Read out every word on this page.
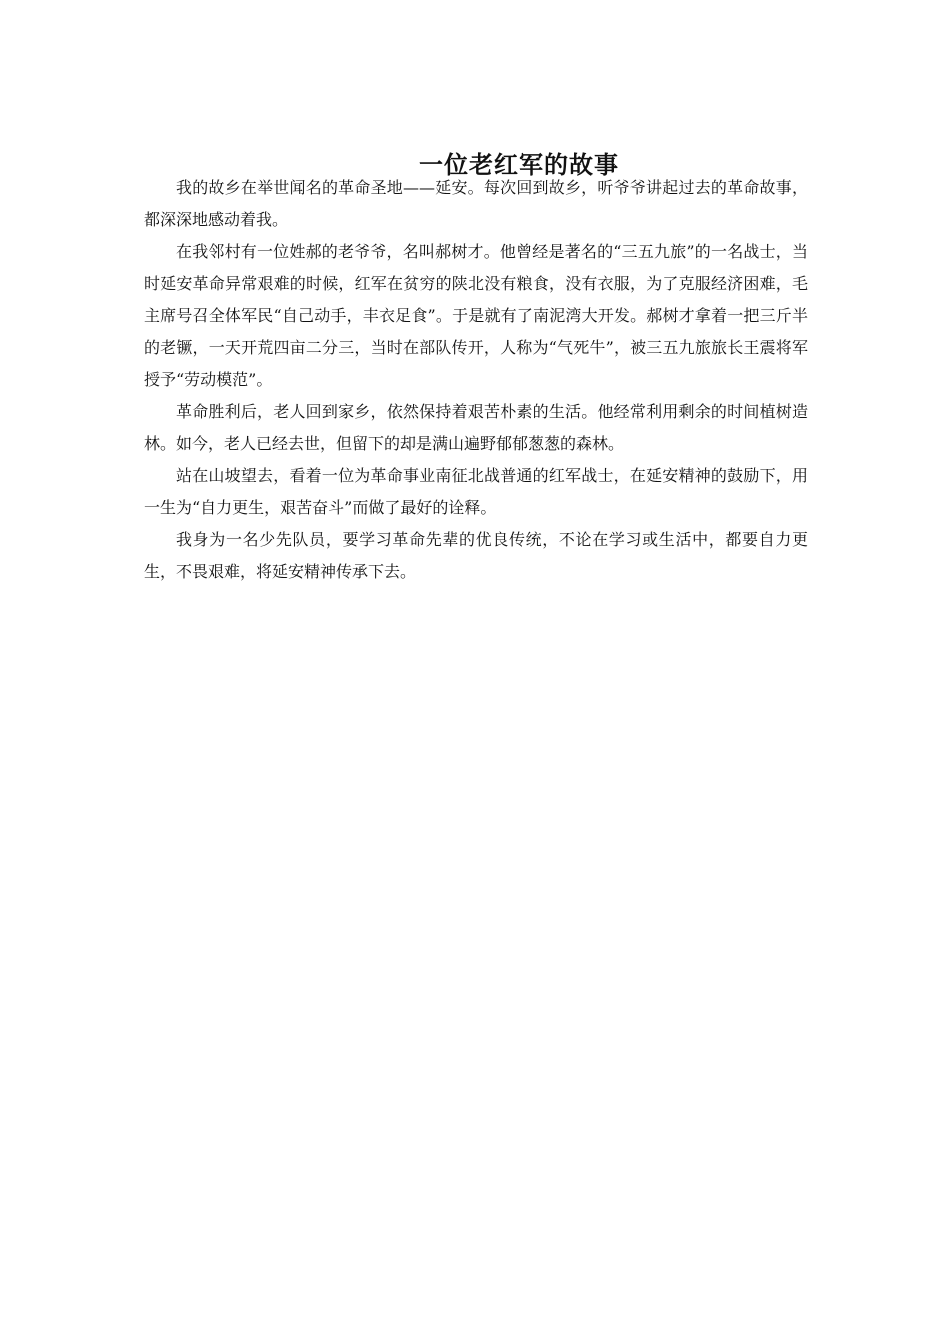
一位老红军的故事

我的故乡在举世闻名的革命圣地——延安。每次回到故乡，听爷爷讲起过去的革命故事，都深深地感动着我。

在我邻村有一位姓郝的老爷爷，名叫郝树才。他曾经是著名的“三五九旅”的一名战士，当时延安革命异常艰难的时候，红军在贫穷的陕北没有粮食，没有衣服，为了克服经济困难，毛主席号召全体军民“自己动手，丰衣足食”。于是就有了南泥湾大开发。郝树才拿着一把三斤半的老镢，一天开荒四亩二分三，当时在部队传开，人称为“气死牛”，被三五九旅旅长王震将军授予“劳动模范”。

革命胜利后，老人回到家乡，依然保持着艰苦朴素的生活。他经常利用剩余的时间植树造林。如今，老人已经去世，但留下的却是满山遍野郁郁葱葱的森林。

站在山坡望去，看着一位为革命事业南征北战普通的红军战士，在延安精神的鼓励下，用一生为“自力更生，艰苦奋斗”而做了最好的诠释。

我身为一名少先队员，要学习革命先辈的优良传统，不论在学习或生活中，都要自力更生，不畏艰难，将延安精神传承下去。
